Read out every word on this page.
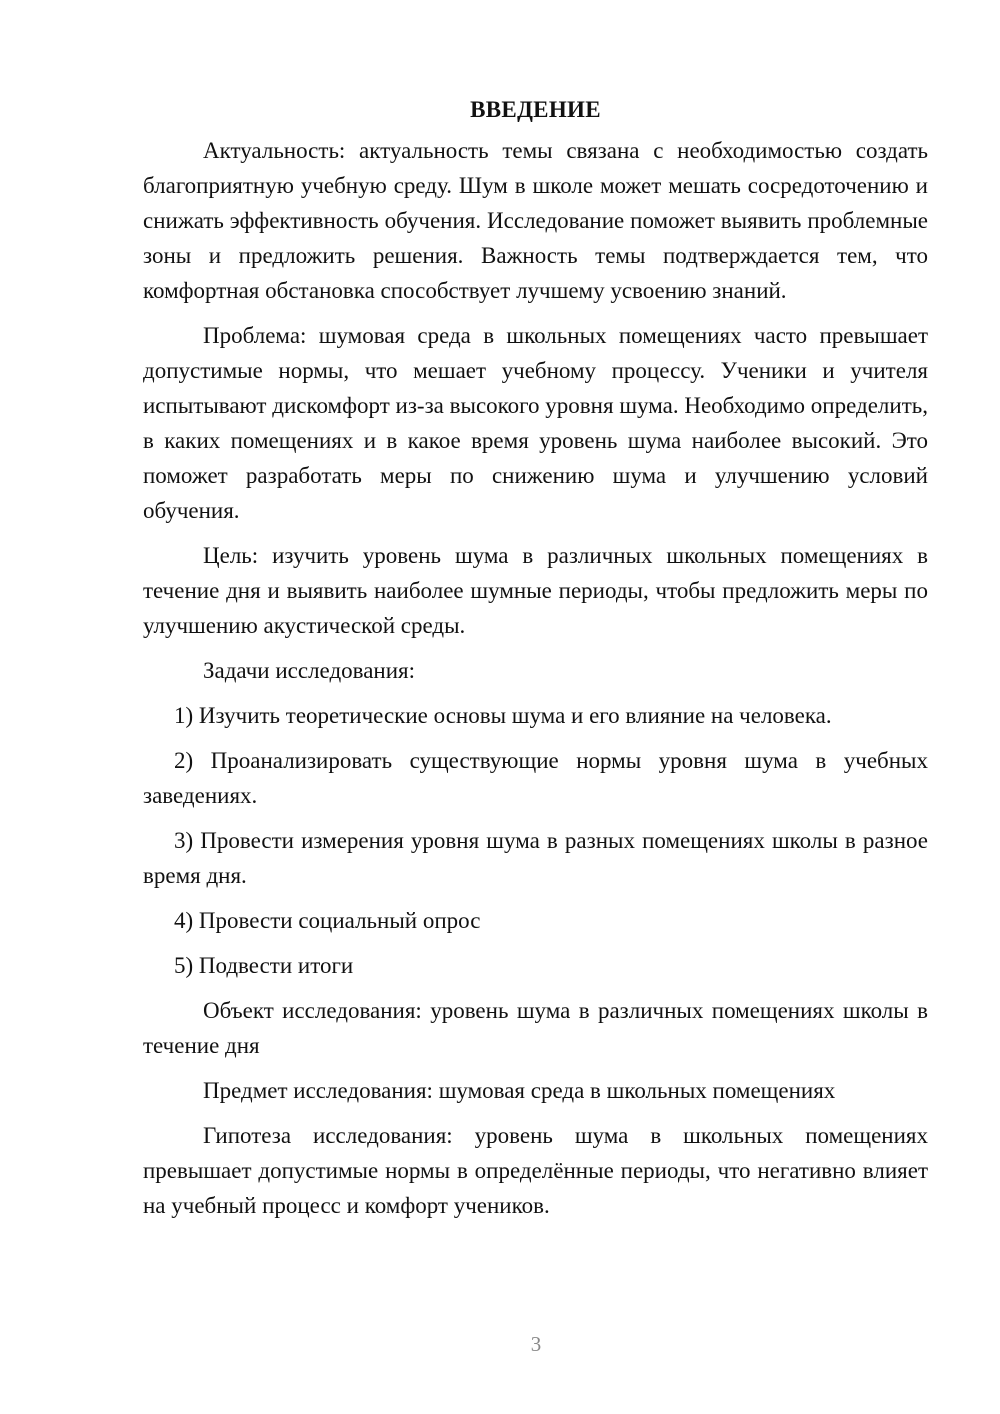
ВВЕДЕНИЕ

Актуальность: актуальность темы связана с необходимостью создать благоприятную учебную среду. Шум в школе может мешать сосредоточению и снижать эффективность обучения. Исследование поможет выявить проблемные зоны и предложить решения. Важность темы подтверждается тем, что комфортная обстановка способствует лучшему усвоению знаний.

Проблема: шумовая среда в школьных помещениях часто превышает допустимые нормы, что мешает учебному процессу. Ученики и учителя испытывают дискомфорт из-за высокого уровня шума. Необходимо определить, в каких помещениях и в какое время уровень шума наиболее высокий. Это поможет разработать меры по снижению шума и улучшению условий обучения.

Цель: изучить уровень шума в различных школьных помещениях в течение дня и выявить наиболее шумные периоды, чтобы предложить меры по улучшению акустической среды.

Задачи исследования:

1) Изучить теоретические основы шума и его влияние на человека.

2) Проанализировать существующие нормы уровня шума в учебных заведениях.

3) Провести измерения уровня шума в разных помещениях школы в разное время дня.

4) Провести социальный опрос

5) Подвести итоги

Объект исследования: уровень шума в различных помещениях школы в течение дня

Предмет исследования: шумовая среда в школьных помещениях

Гипотеза исследования: уровень шума в школьных помещениях превышает допустимые нормы в определённые периоды, что негативно влияет на учебный процесс и комфорт учеников.

3
